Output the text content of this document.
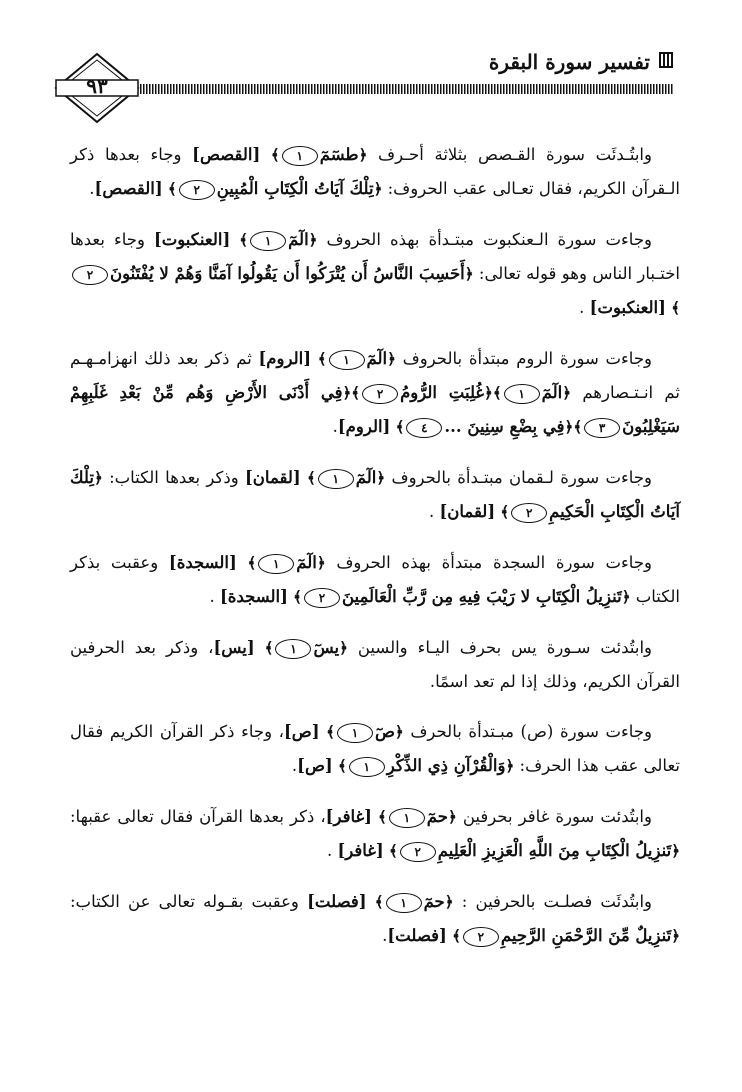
تفسير سورة البقرة
٩٣

وابتُـدئَت سورة القـصص بثلاثة أحـرف ﴿طسٓمٓ١﴾ [القصص] وجاء بعدها ذكر الـقرآن الكريم، فقال تعـالى عقب الحروف: ﴿تِلْكَ آيَاتُ الْكِتَابِ الْمُبِينِ٢﴾ [القصص].

وجاءت سورة الـعنكبوت مبتـدأة بهذه الحروف ﴿الٓمٓ١﴾ [العنكبوت] وجاء بعدها اختـبار الناس وهو قوله تعالى: ﴿أَحَسِبَ النَّاسُ أَن يُتْرَكُوا أَن يَقُولُوا آمَنَّا وَهُمْ لا يُفْتَنُونَ٢﴾ [العنكبوت] .

وجاءت سورة الروم مبتدأة بالحروف ﴿الٓمٓ١﴾ [الروم] ثم ذكر بعد ذلك انهزامـهـم ثم انـتـصارهم ﴿الٓمٓ١﴾﴿غُلِبَتِ الرُّومُ٢﴾﴿فِي أَدْنَى الأَرْضِ وَهُم مِّنْ بَعْدِ غَلَبِهِمْ سَيَغْلِبُونَ٣﴾﴿فِي بِضْعِ سِنِينَ ...٤﴾ [الروم].

وجاءت سورة لـقمان مبتـدأة بالحروف ﴿الٓمٓ١﴾ [لقمان] وذكر بعدها الكتاب: ﴿تِلْكَ آيَاتُ الْكِتَابِ الْحَكِيمِ٢﴾ [لقمان] .

وجاءت سورة السجدة مبتدأة بهذه الحروف ﴿الٓمٓ١﴾ [السجدة] وعقبت بذكر الكتاب ﴿تَنزِيلُ الْكِتَابِ لا رَيْبَ فِيهِ مِن رَّبِّ الْعَالَمِينَ٢﴾ [السجدة] .

وابتُدئت سـورة يس بحرف اليـاء والسين ﴿يسٓ١﴾ [يس]، وذكر بعد الحرفين القرآن الكريم، وذلك إذا لم تعد اسمًا.

وجاءت سورة (ص) مبـتدأة بالحرف ﴿صٓ١﴾ [ص]، وجاء ذكر القرآن الكريم فقال تعالى عقب هذا الحرف: ﴿وَالْقُرْآنِ ذِي الذِّكْرِ١﴾ [ص].

وابتُدئت سورة غافر بحرفين ﴿حمٓ١﴾ [غافر]، ذكر بعدها القرآن فقال تعالى عقبها: ﴿تَنزِيلُ الْكِتَابِ مِنَ اللَّهِ الْعَزِيزِ الْعَلِيمِ٢﴾ [غافر] .

وابتُدئَت فصلـت بالحرفين : ﴿حمٓ١﴾ [فصلت] وعقبت بقـوله تعالى عن الكتاب: ﴿تَنزِيلٌ مِّنَ الرَّحْمَنِ الرَّحِيمِ٢﴾ [فصلت].
